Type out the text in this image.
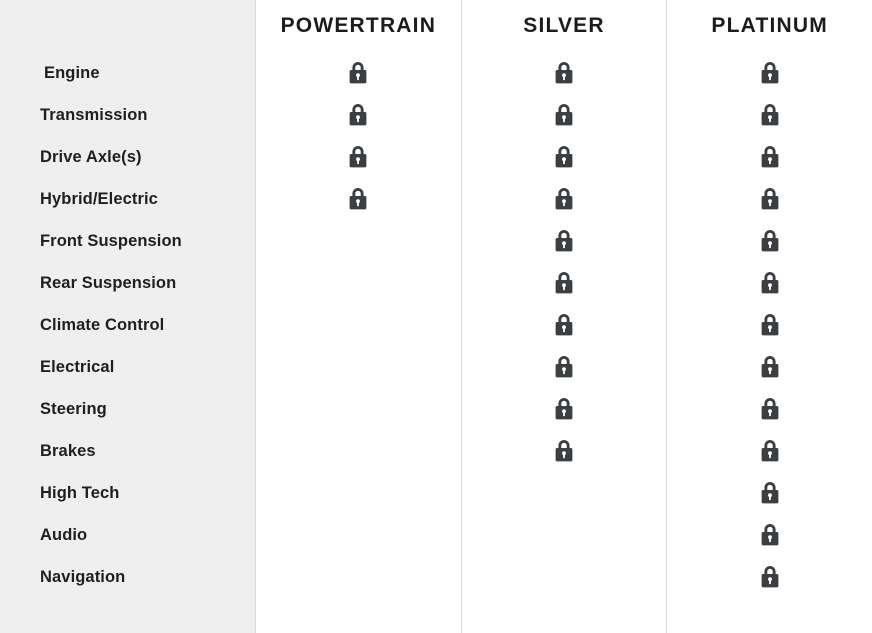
Engine
Transmission
Drive Axle(s)
Hybrid/Electric
Front Suspension
Rear Suspension
Climate Control
Electrical
Steering
Brakes
High Tech
Audio
Navigation
POWERTRAIN	SILVER	PLATINUM
